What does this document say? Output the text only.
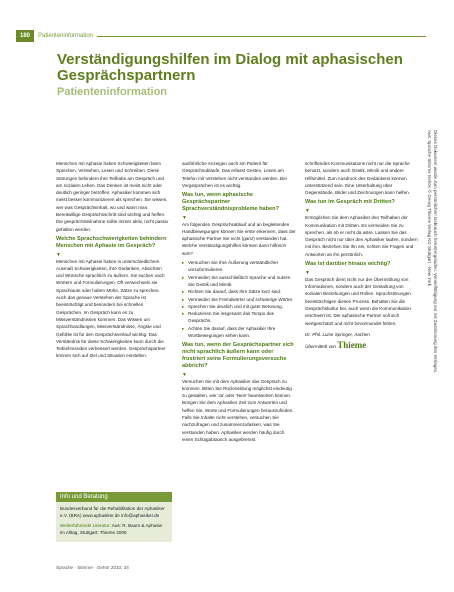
180	Patienteninformation
Verständigungshilfen im Dialog mit aphasischen Gesprächspartnern
Patienteninformation

Menschen mit Aphasie haben Schwierigkeiten beim Sprechen, Verstehen, Lesen und Schreiben. Diese Störungen behindern ihre Teilhabe am Gespräch und am sozialen Leben. Das Denken ist meist nicht oder deutlich geringer betroffen. Aphasiker kommen sich meist besser kommunizieren als sprechen. Sie wissen, wer was Gesprächsinhalt, wo und wann man. Bereitwillige Gesprächsschritt sind wichtig und helfen. Die gesprächsteilnahme sollte immer aktiv, nicht passiv gehalten werden.

Welche Sprachschwierigkeiten behindern Menschen mit Aphasie im Gespräch?
▼

Menschen mit Aphasie haben in unterschiedlichem Ausmaß Schwierigkeiten, ihre Gedanken, Absichten und Wünsche sprachlich zu äußern. Sie suchen nach Wörtern und Formulierungen. Oft verwechseln sie Sprachlaute oder haben Mühe, Sätze zu sprechen. Auch das genaue Verstehen der Sprache ist beeinträchtigt und besonders bei schnellen Gesprächen. Im Gespräch kann es zu Missverständnissen kommen. Das Wissen um Sprachhandlungen, Missverständnisse, Ängste und Gefühle ist für den Gesprächsverlauf wichtig. Das Verständnis für diese Schwierigkeiten kann durch die Teilnehmenden verbessert werden. Gesprächspartner können sich auf Ziel und Situation einstellen.

ausführliche Anzeigen auch ein Patient für Gesprächsabläufe. Das erfasst Gesten, Lesen am Telefon mit Verstehen nicht verstanden werden. Bei Vorgesprächen ist es wichtig.

Was tun, wenn aphasische Gesprächspartner Sprachverständnisprobleme haben?
▼

Am folgenden Gesprächsablauf und an begleitenden Handbewegungen können Sie erste erkennen, dass der aphasische Partner Sie nicht (ganz) verstanden hat. Welche Verständigungshilfen können dann hilfreich sein?

▸ Versuchen Sie Ihre Äußerung verständlicher umzuformulieren.
▸ Vermeiden Sie ausschließlich Sprache und nutzen Sie Gestik und Mimik.
▸ Richten Sie darauf, dass Ihre Sätze kurz sind.
▸ Vermeiden Sie Fremdwörter und schwierige Wörter.
▸ Sprechen Sie deutlich und mit guter Betonung.
▸ Reduzieren Sie insgesamt das Tempo des Gesprächs.
▸ Achten Sie darauf, dass der Aphasiker Ihre Wortbewegungen sehen kann.
Was tun, wenn der Gesprächspartner sich nicht sprachlich äußern kann oder frustriert seine Formulierungsversuche abbricht?
▼

Versuchen Sie mit dem Aphasiker das Gespräch zu kommen. Bitten Sie Rückmeldung möglichst eindeutig zu gestalten, wie 'Ja' oder 'Nein' beantworten können. Bringen Sie dem Aphasiker Zeit zum Antworten und helfen Sie, Worte und Formulierungen herauszufinden. Falls Sie Inhalte nicht verstehen, versuchen Sie nachzufragen und zusammenzufassen, was Sie verstanden haben. Aphasiker werden häufig durch einen Schlagabtausch ausgebremst.

schriftendes Kommunikations nicht nur die Sprache benutzt, sondern auch Gestik, Mimik und andere Hilfsmittel. Zum Ausdruck des Gedankens können unterstützend sein. Eine Unterhaltung über Gegenstände, Bilder und Zeichnungen kann helfen.

Was tun im Gespräch mit Dritten?
▼

Ermöglichen Sie dem Aphasiker den Teilhaben der Kommunikation mit Dritten. Es vermeiden Sie zu sprechen, als ob er nicht da wäre. Lassen Sie das Gespräch nicht nur über den Aphasiker laufen, sondern mit ihm. Beziehen Sie ihn ein, richten Sie Fragen und Antworten an ihn persönlich.

Was ist darüber hinaus wichtig?
▼

Das Gespräch dient nicht nur der Übermittlung von Informationen, sondern auch der Gestaltung von sozialen Beziehungen und Rollen. Sprachstörungen beeinträchtigen diesen Prozess. Behalten Sie die Gesprächskultur bei, auch wenn die Kommunikation erschwert ist. Der aphasische Partner soll sich wertgeschätzt und nicht bevormundet fühlen.

Dr. Phil. Luise Springer, Aachen
Übermittelt von Thieme
Info und Beratung

Bundesverband für die Rehabilitation der Aphasiker e.V. (BRA) www.aphasiker.de info@aphasiker.de

Weiterführende Literatur: Aus: R. Baum & Aphasie im Alltag, Stuttgart: Thieme 2009

Sprache · Stimme · Gehör 2010; 34
Dieses Dokument wurde zum persönlichen Gebrauch heruntergeladen. Vervielfältigung nur mit Zustimmung des Verlages.
Aus: Sprache Stimme Gehör; © Georg Thieme Verlag KG Stuttgart · New York
